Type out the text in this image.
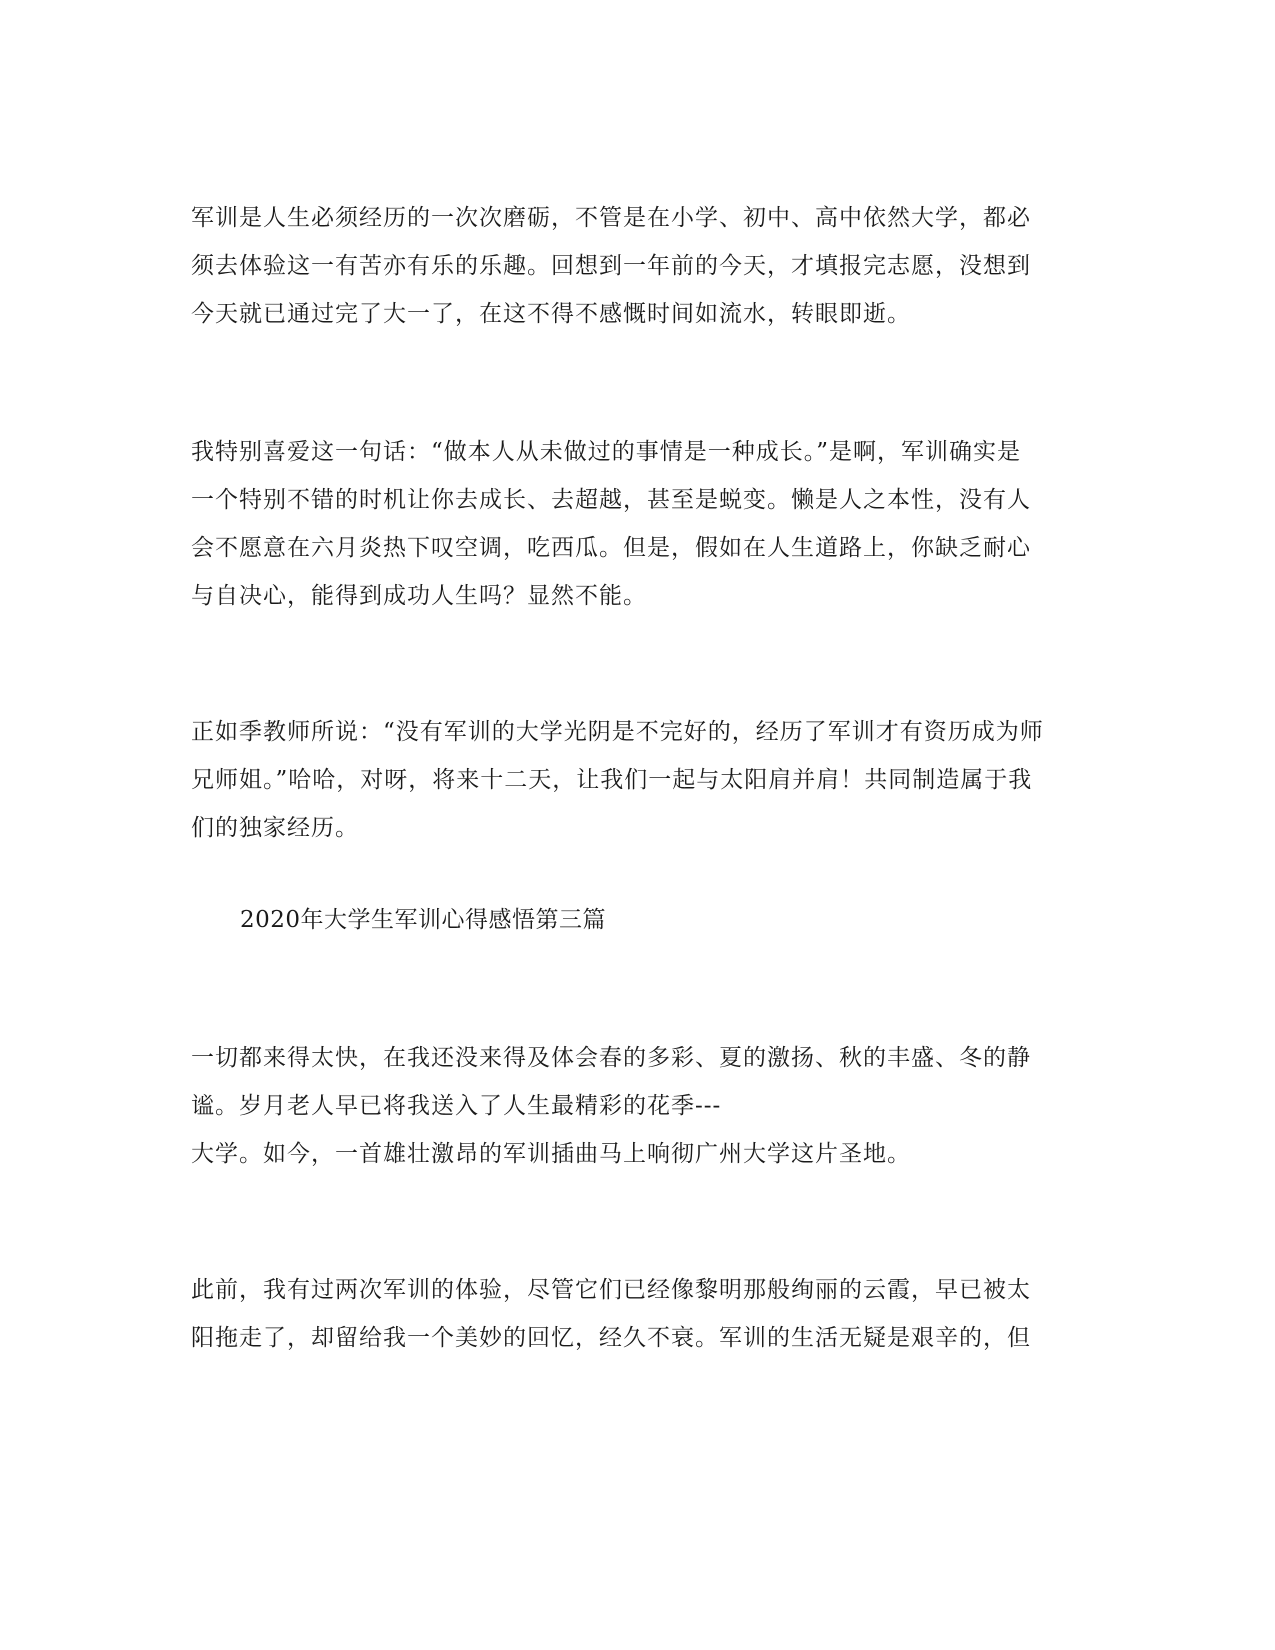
军训是人生必须经历的一次次磨砺，不管是在小学、初中、高中依然大学，都必
须去体验这一有苦亦有乐的乐趣。回想到一年前的今天，才填报完志愿，没想到
今天就已通过完了大一了，在这不得不感慨时间如流水，转眼即逝。
我特别喜爱这一句话：“做本人从未做过的事情是一种成长。”是啊，军训确实是
一个特别不错的时机让你去成长、去超越，甚至是蜕变。懒是人之本性，没有人
会不愿意在六月炎热下叹空调，吃西瓜。但是，假如在人生道路上，你缺乏耐心
与自决心，能得到成功人生吗？显然不能。
正如季教师所说：“没有军训的大学光阴是不完好的，经历了军训才有资历成为师
兄师姐。”哈哈，对呀，将来十二天，让我们一起与太阳肩并肩！共同制造属于我
们的独家经历。
2020年大学生军训心得感悟第三篇
一切都来得太快，在我还没来得及体会春的多彩、夏的激扬、秋的丰盛、冬的静
谧。岁月老人早已将我送入了人生最精彩的花季---
大学。如今，一首雄壮激昂的军训插曲马上响彻广州大学这片圣地。
此前，我有过两次军训的体验，尽管它们已经像黎明那般绚丽的云霞，早已被太
阳拖走了，却留给我一个美妙的回忆，经久不衰。军训的生活无疑是艰辛的，但
